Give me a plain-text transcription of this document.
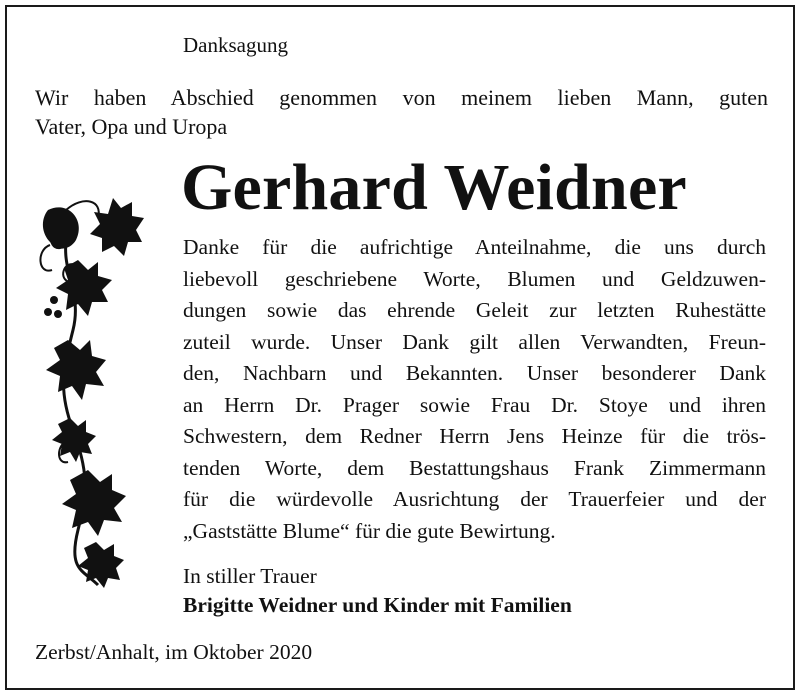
Danksagung
Wir haben Abschied genommen von meinem lieben Mann, guten
Vater, Opa und Uropa
Gerhard Weidner
Danke für die aufrichtige Anteilnahme, die uns durch
liebevoll geschriebene Worte, Blumen und Geldzuwen-
dungen sowie das ehrende Geleit zur letzten Ruhestätte
zuteil wurde. Unser Dank gilt allen Verwandten, Freun-
den, Nachbarn und Bekannten. Unser besonderer Dank
an Herrn Dr. Prager sowie Frau Dr. Stoye und ihren
Schwestern, dem Redner Herrn Jens Heinze für die trös-
tenden Worte, dem Bestattungshaus Frank Zimmermann
für die würdevolle Ausrichtung der Trauerfeier und der
„Gaststätte Blume“ für die gute Bewirtung.
In stiller Trauer
Brigitte Weidner und Kinder mit Familien
Zerbst/Anhalt, im Oktober 2020
